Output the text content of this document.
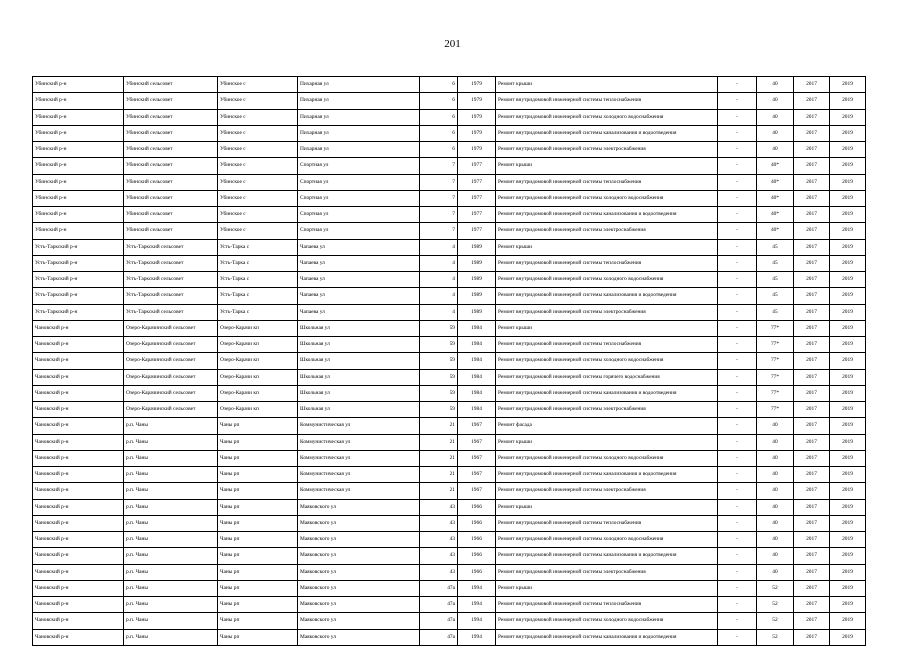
201
Убинский р-н	Убинский сельсовет	Убинское с	Пихарная ул	6	1979	Ремонт крыши	-	40	2017	2019
Убинский р-н	Убинский сельсовет	Убинское с	Пихарная ул	6	1979	Ремонт внутридомовой инженерной системы теплоснабжения	-	40	2017	2019
Убинский р-н	Убинский сельсовет	Убинское с	Пихарная ул	6	1979	Ремонт внутридомовой инженерной системы холодного водоснабжения	-	40	2017	2019
Убинский р-н	Убинский сельсовет	Убинское с	Пихарная ул	6	1979	Ремонт внутридомовой инженерной системы канализования и водоотведения	-	40	2017	2019
Убинский р-н	Убинский сельсовет	Убинское с	Пихарная ул	6	1979	Ремонт внутридомовой инженерной системы электроснабжения	-	40	2017	2019
Убинский р-н	Убинский сельсовет	Убинское с	Спортная ул	7	1977	Ремонт крыши	-	40*	2017	2019
Убинский р-н	Убинский сельсовет	Убинское с	Спортная ул	7	1977	Ремонт внутридомовой инженерной системы теплоснабжения	-	40*	2017	2019
Убинский р-н	Убинский сельсовет	Убинское с	Спортная ул	7	1977	Ремонт внутридомовой инженерной системы холодного водоснабжения	-	40*	2017	2019
Убинский р-н	Убинский сельсовет	Убинское с	Спортная ул	7	1977	Ремонт внутридомовой инженерной системы канализования и водоотведения	-	40*	2017	2019
Убинский р-н	Убинский сельсовет	Убинское с	Спортная ул	7	1977	Ремонт внутридомовой инженерной системы электроснабжения	-	40*	2017	2019
Усть-Таркский р-н	Усть-Таркский сельсовет	Усть-Тарка с	Чапаева ул	4	1989	Ремонт крыши	-	45	2017	2019
Усть-Таркский р-н	Усть-Таркский сельсовет	Усть-Тарка с	Чапаева ул	4	1989	Ремонт внутридомовой инженерной системы теплоснабжения	-	45	2017	2019
Усть-Таркский р-н	Усть-Таркский сельсовет	Усть-Тарка с	Чапаева ул	4	1989	Ремонт внутридомовой инженерной системы холодного водоснабжения	-	45	2017	2019
Усть-Таркский р-н	Усть-Таркский сельсовет	Усть-Тарка с	Чапаева ул	4	1989	Ремонт внутридомовой инженерной системы канализования и водоотведения	-	45	2017	2019
Усть-Таркский р-н	Усть-Таркский сельсовет	Усть-Тарка с	Чапаева ул	4	1989	Ремонт внутридомовой инженерной системы электроснабжения	-	45	2017	2019
Чановский р-н	Озеро-Карачинский сельсовет	Озеро-Карачи кп	Школьная ул	59	1984	Ремонт крыши	-	77*	2017	2019
Чановский р-н	Озеро-Карачинский сельсовет	Озеро-Карачи кп	Школьная ул	59	1984	Ремонт внутридомовой инженерной системы теплоснабжения	-	77*	2017	2019
Чановский р-н	Озеро-Карачинский сельсовет	Озеро-Карачи кп	Школьная ул	59	1984	Ремонт внутридомовой инженерной системы холодного водоснабжения	-	77*	2017	2019
Чановский р-н	Озеро-Карачинский сельсовет	Озеро-Карачи кп	Школьная ул	59	1984	Ремонт внутридомовой инженерной системы горячего водоснабжения	-	77*	2017	2019
Чановский р-н	Озеро-Карачинский сельсовет	Озеро-Карачи кп	Школьная ул	59	1984	Ремонт внутридомовой инженерной системы канализования и водоотведения	-	77*	2017	2019
Чановский р-н	Озеро-Карачинский сельсовет	Озеро-Карачи кп	Школьная ул	59	1984	Ремонт внутридомовой инженерной системы электроснабжения	-	77*	2017	2019
Чановский р-н	р.п. Чаны	Чаны рп	Коммунистическая ул	21	1967	Ремонт фасада	-	40	2017	2019
Чановский р-н	р.п. Чаны	Чаны рп	Коммунистическая ул	21	1967	Ремонт крыши	-	40	2017	2019
Чановский р-н	р.п. Чаны	Чаны рп	Коммунистическая ул	21	1967	Ремонт внутридомовой инженерной системы холодного водоснабжения	-	40	2017	2019
Чановский р-н	р.п. Чаны	Чаны рп	Коммунистическая ул	21	1967	Ремонт внутридомовой инженерной системы канализования и водоотведения	-	40	2017	2019
Чановский р-н	р.п. Чаны	Чаны рп	Коммунистическая ул	21	1967	Ремонт внутридомовой инженерной системы электроснабжения	-	40	2017	2019
Чановский р-н	р.п. Чаны	Чаны рп	Маяковского ул	43	1966	Ремонт крыши	-	40	2017	2019
Чановский р-н	р.п. Чаны	Чаны рп	Маяковского ул	43	1966	Ремонт внутридомовой инженерной системы теплоснабжения	-	40	2017	2019
Чановский р-н	р.п. Чаны	Чаны рп	Маяковского ул	43	1966	Ремонт внутридомовой инженерной системы холодного водоснабжения	-	40	2017	2019
Чановский р-н	р.п. Чаны	Чаны рп	Маяковского ул	43	1966	Ремонт внутридомовой инженерной системы канализования и водоотведения	-	40	2017	2019
Чановский р-н	р.п. Чаны	Чаны рп	Маяковского ул	43	1966	Ремонт внутридомовой инженерной системы электроснабжения	-	40	2017	2019
Чановский р-н	р.п. Чаны	Чаны рп	Маяковского ул	47а	1994	Ремонт крыши	-	52	2017	2019
Чановский р-н	р.п. Чаны	Чаны рп	Маяковского ул	47а	1994	Ремонт внутридомовой инженерной системы теплоснабжения	-	52	2017	2019
Чановский р-н	р.п. Чаны	Чаны рп	Маяковского ул	47а	1994	Ремонт внутридомовой инженерной системы холодного водоснабжения	-	52	2017	2019
Чановский р-н	р.п. Чаны	Чаны рп	Маяковского ул	47а	1994	Ремонт внутридомовой инженерной системы канализования и водоотведения	-	52	2017	2019
